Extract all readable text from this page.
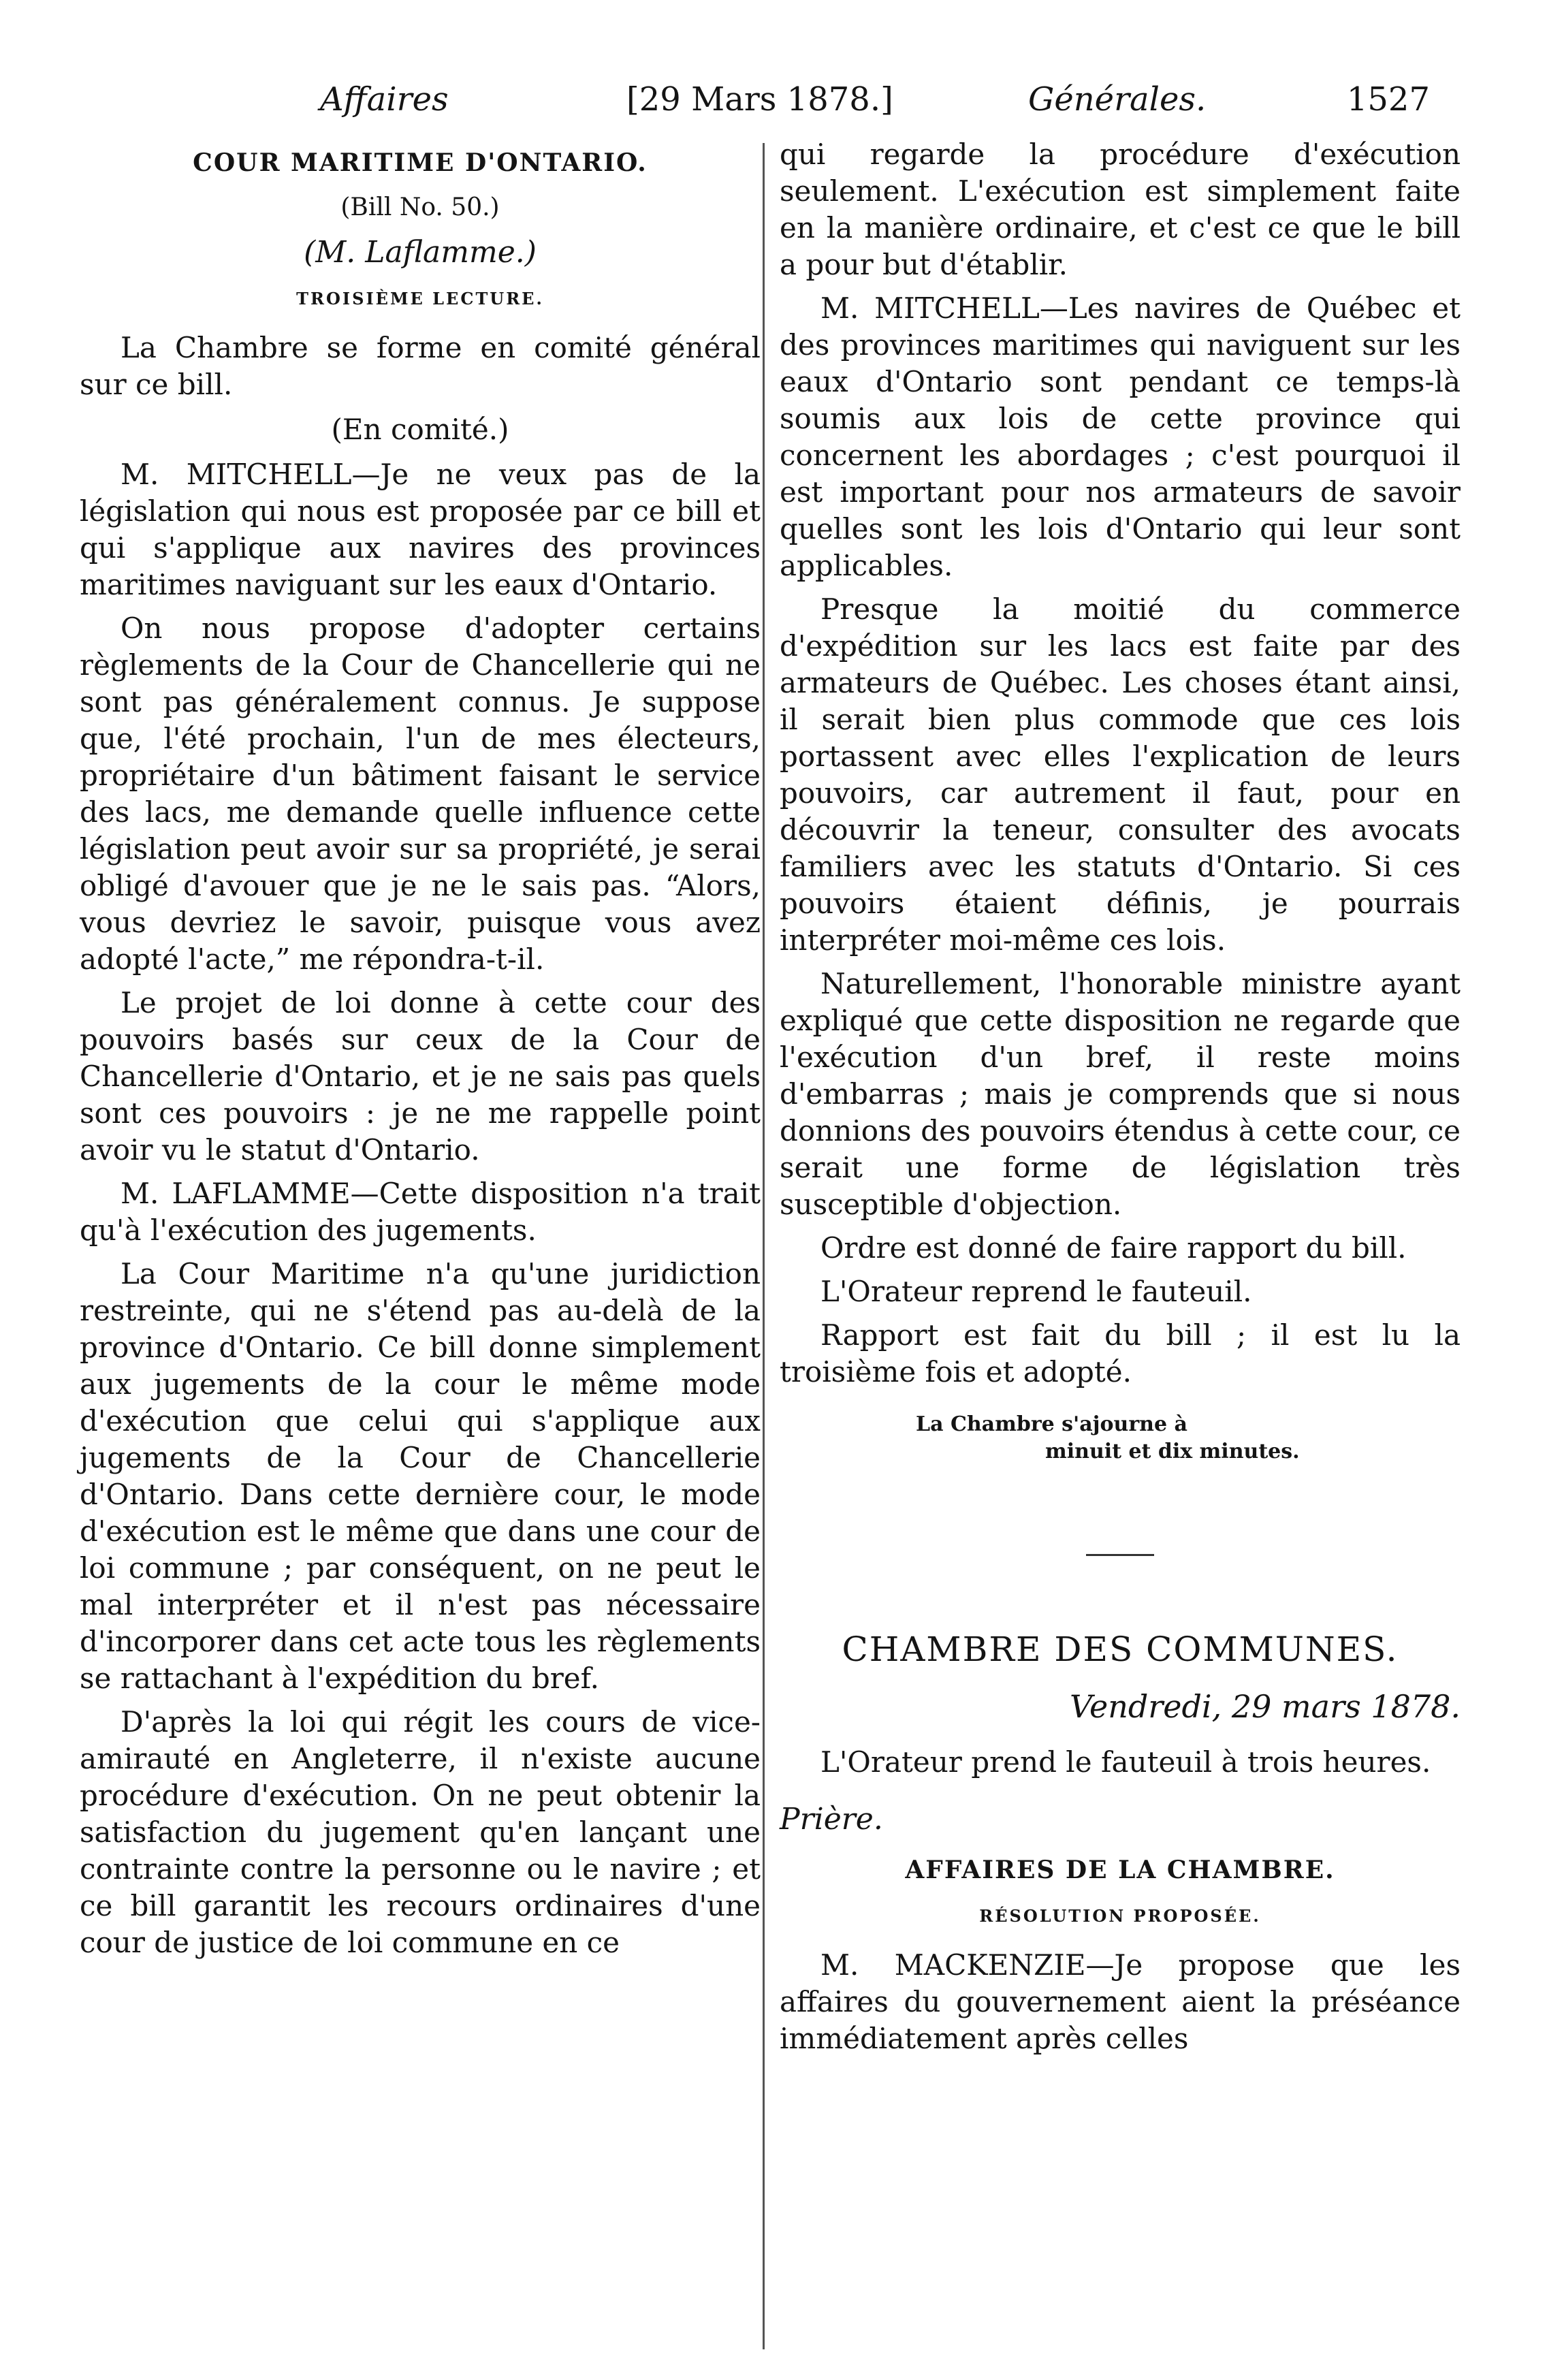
Affaires	[29 Mars 1878.]	Générales.	1527
COUR MARITIME D'ONTARIO.
(Bill No. 50.)
(M. Laflamme.)
TROISIÈME LECTURE.

La Chambre se forme en comité général sur ce bill.

(En comité.)

M. MITCHELL—Je ne veux pas de la législation qui nous est proposée par ce bill et qui s'applique aux navires des provinces maritimes naviguant sur les eaux d'Ontario.

On nous propose d'adopter certains règlements de la Cour de Chancellerie qui ne sont pas généralement connus. Je suppose que, l'été prochain, l'un de mes électeurs, propriétaire d'un bâtiment faisant le service des lacs, me demande quelle influence cette législation peut avoir sur sa propriété, je serai obligé d'avouer que je ne le sais pas. “Alors, vous devriez le savoir, puisque vous avez adopté l'acte,” me répondra-t-il.

Le projet de loi donne à cette cour des pouvoirs basés sur ceux de la Cour de Chancellerie d'Ontario, et je ne sais pas quels sont ces pouvoirs : je ne me rappelle point avoir vu le statut d'Ontario.

M. LAFLAMME—Cette disposition n'a trait qu'à l'exécution des jugements.

La Cour Maritime n'a qu'une juridiction restreinte, qui ne s'étend pas au-delà de la province d'Ontario. Ce bill donne simplement aux jugements de la cour le même mode d'exécution que celui qui s'applique aux jugements de la Cour de Chancellerie d'Ontario. Dans cette dernière cour, le mode d'exécution est le même que dans une cour de loi commune ; par conséquent, on ne peut le mal interpréter et il n'est pas nécessaire d'incorporer dans cet acte tous les règlements se rattachant à l'expédition du bref.

D'après la loi qui régit les cours de vice-amirauté en Angleterre, il n'existe aucune procédure d'exécution. On ne peut obtenir la satisfaction du jugement qu'en lançant une contrainte contre la personne ou le navire ; et ce bill garantit les recours ordinaires d'une cour de justice de loi commune en ce

qui regarde la procédure d'exécution seulement. L'exécution est simplement faite en la manière ordinaire, et c'est ce que le bill a pour but d'établir.

M. MITCHELL—Les navires de Québec et des provinces maritimes qui naviguent sur les eaux d'Ontario sont pendant ce temps-là soumis aux lois de cette province qui concernent les abordages ; c'est pourquoi il est important pour nos armateurs de savoir quelles sont les lois d'Ontario qui leur sont applicables.

Presque la moitié du commerce d'expédition sur les lacs est faite par des armateurs de Québec. Les choses étant ainsi, il serait bien plus commode que ces lois portassent avec elles l'explication de leurs pouvoirs, car autrement il faut, pour en découvrir la teneur, consulter des avocats familiers avec les statuts d'Ontario. Si ces pouvoirs étaient définis, je pourrais interpréter moi-même ces lois.

Naturellement, l'honorable ministre ayant expliqué que cette disposition ne regarde que l'exécution d'un bref, il reste moins d'embarras ; mais je comprends que si nous donnions des pouvoirs étendus à cette cour, ce serait une forme de législation très susceptible d'objection.

Ordre est donné de faire rapport du bill.

L'Orateur reprend le fauteuil.

Rapport est fait du bill ; il est lu la troisième fois et adopté.

La Chambre s'ajourne à
minuit et dix minutes.
CHAMBRE DES COMMUNES.
Vendredi, 29 mars 1878.

L'Orateur prend le fauteuil à trois heures.

Prière.
AFFAIRES DE LA CHAMBRE.
RÉSOLUTION PROPOSÉE.

M. MACKENZIE—Je propose que les affaires du gouvernement aient la préséance immédiatement après celles
